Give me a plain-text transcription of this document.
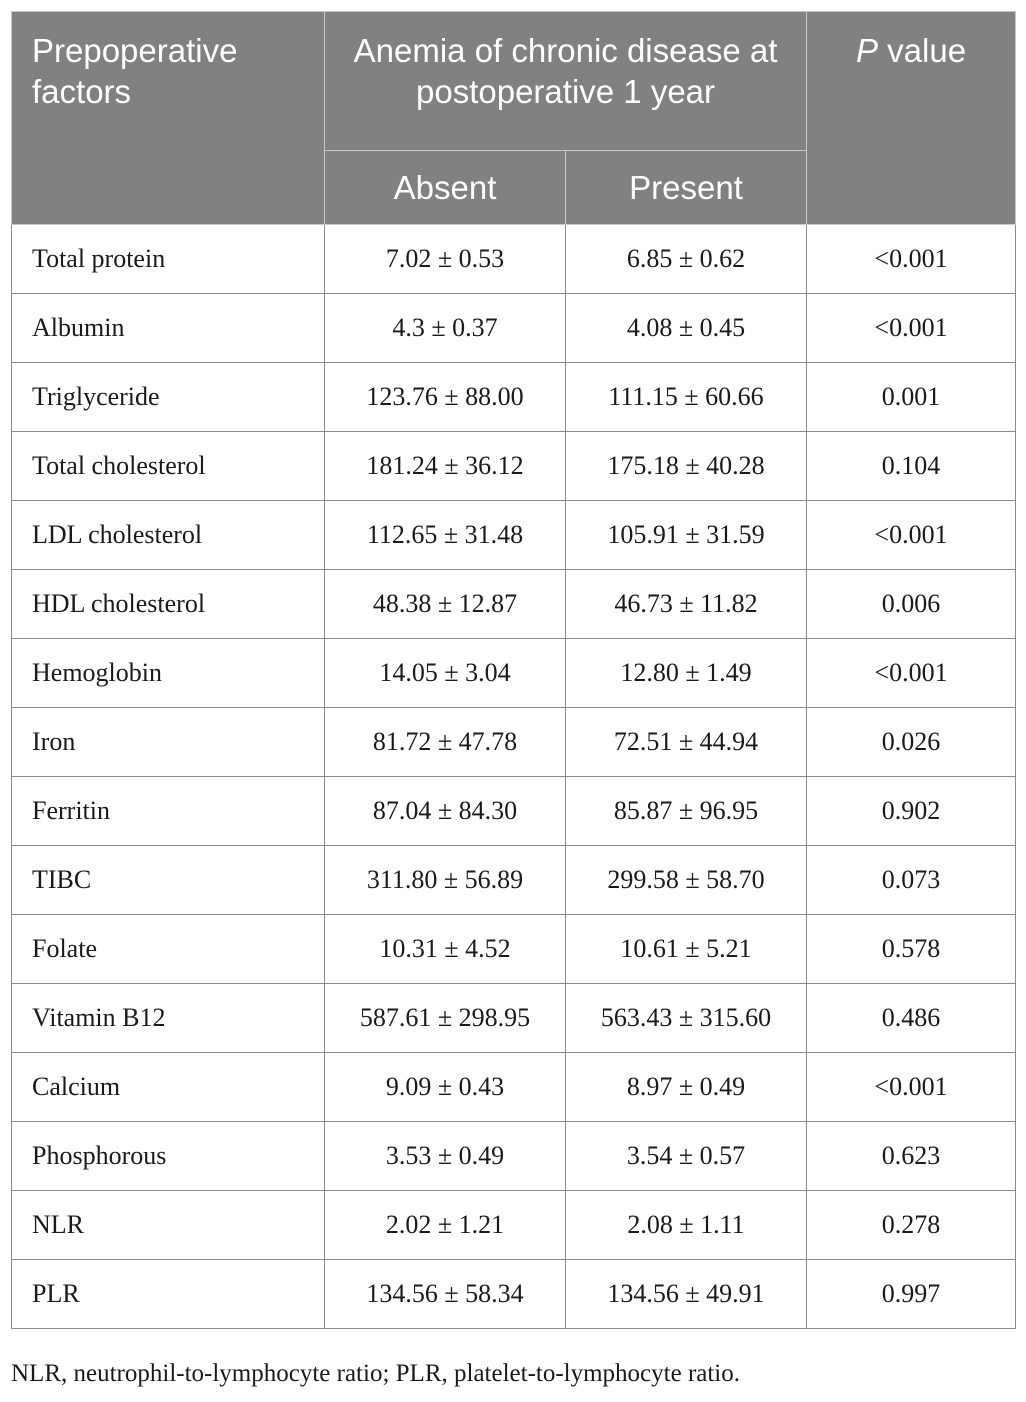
Prepoperative factors	Anemia of chronic disease at postoperative 1 year		P value
	Absent	Present	
Total protein	7.02 ± 0.53	6.85 ± 0.62	<0.001
Albumin	4.3 ± 0.37	4.08 ± 0.45	<0.001
Triglyceride	123.76 ± 88.00	111.15 ± 60.66	0.001
Total cholesterol	181.24 ± 36.12	175.18 ± 40.28	0.104
LDL cholesterol	112.65 ± 31.48	105.91 ± 31.59	<0.001
HDL cholesterol	48.38 ± 12.87	46.73 ± 11.82	0.006
Hemoglobin	14.05 ± 3.04	12.80 ± 1.49	<0.001
Iron	81.72 ± 47.78	72.51 ± 44.94	0.026
Ferritin	87.04 ± 84.30	85.87 ± 96.95	0.902
TIBC	311.80 ± 56.89	299.58 ± 58.70	0.073
Folate	10.31 ± 4.52	10.61 ± 5.21	0.578
Vitamin B12	587.61 ± 298.95	563.43 ± 315.60	0.486
Calcium	9.09 ± 0.43	8.97 ± 0.49	<0.001
Phosphorous	3.53 ± 0.49	3.54 ± 0.57	0.623
NLR	2.02 ± 1.21	2.08 ± 1.11	0.278
PLR	134.56 ± 58.34	134.56 ± 49.91	0.997
NLR, neutrophil-to-lymphocyte ratio; PLR, platelet-to-lymphocyte ratio.
